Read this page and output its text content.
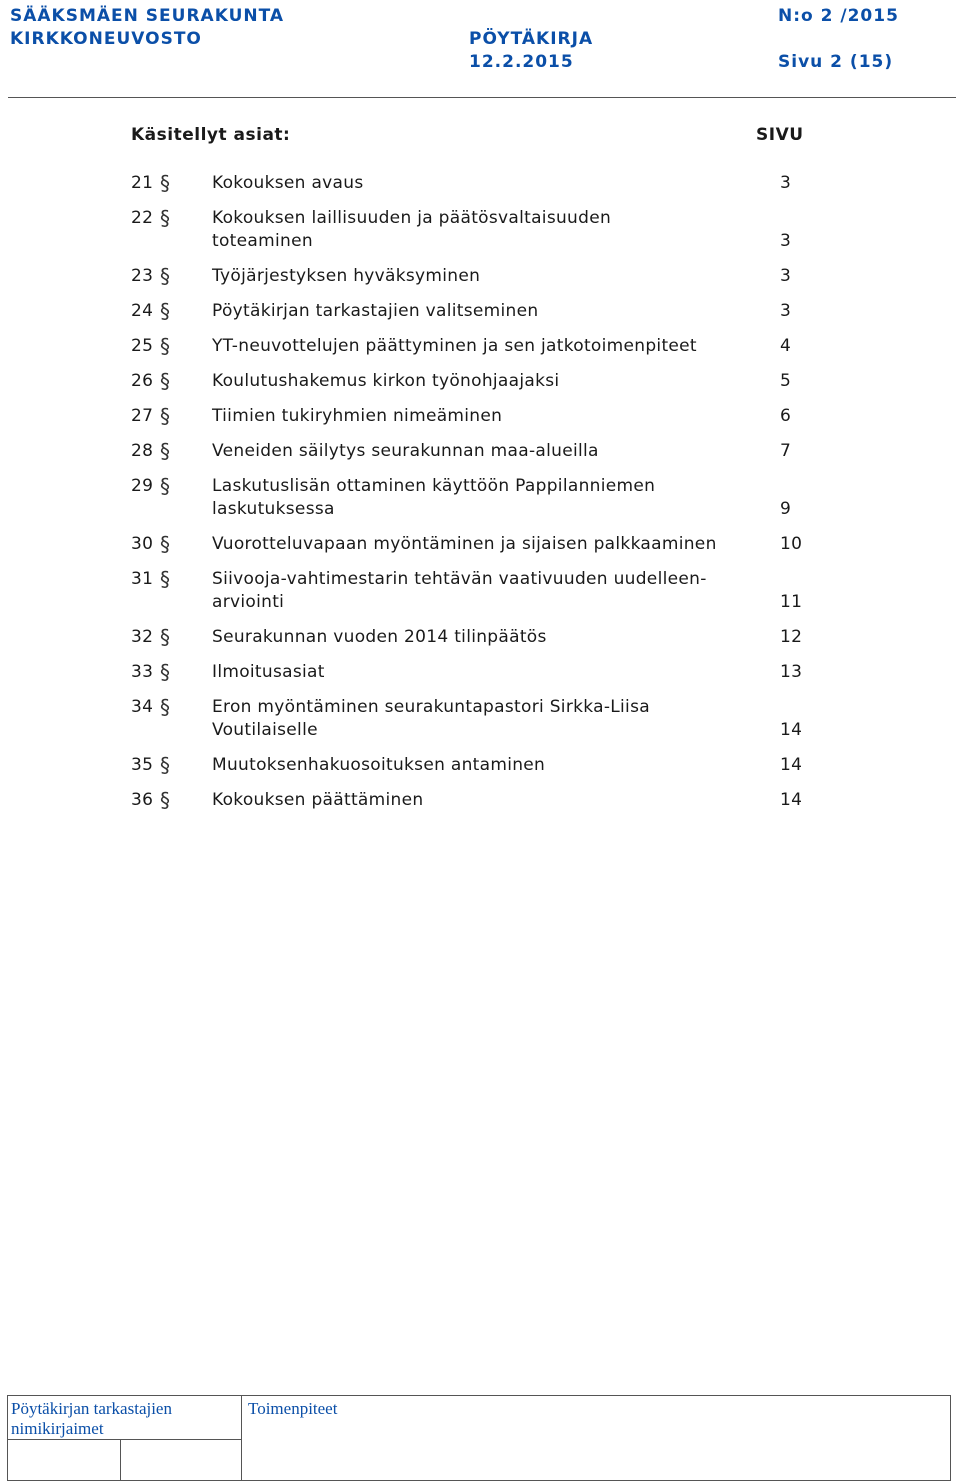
SÄÄKSMÄEN SEURAKUNTA
KIRKKONEUVOSTO	PÖYTÄKIRJA
12.2.2015
N:o 2 /2015
Sivu 2 (15)
Käsitellyt asiat:	SIVU
21 § Kokouksen avaus	3
22 § Kokouksen laillisuuden ja päätösvaltaisuuden
toteaminen	3
23 § Työjärjestyksen hyväksyminen	3
24 § Pöytäkirjan tarkastajien valitseminen	3
25 § YT-neuvottelujen päättyminen ja sen jatkotoimenpiteet	4
26 § Koulutushakemus kirkon työnohjaajaksi	5
27 § Tiimien tukiryhmien nimeäminen	6
28 § Veneiden säilytys seurakunnan maa-alueilla	7
29 § Laskutuslisän ottaminen käyttöön Pappilanniemen
laskutuksessa	9
30 § Vuorotteluvapaan myöntäminen ja sijaisen palkkaaminen	10
31 § Siivooja-vahtimestarin tehtävän vaativuuden uudelleen-
arviointi	11
32 § Seurakunnan vuoden 2014 tilinpäätös	12
33 § Ilmoitusasiat	13
34 § Eron myöntäminen seurakuntapastori Sirkka-Liisa
Voutilaiselle	14
35 § Muutoksenhakuosoituksen antaminen	14
36 § Kokouksen päättäminen	14
Pöytäkirjan tarkastajien nimikirjaimet
Toimenpiteet
